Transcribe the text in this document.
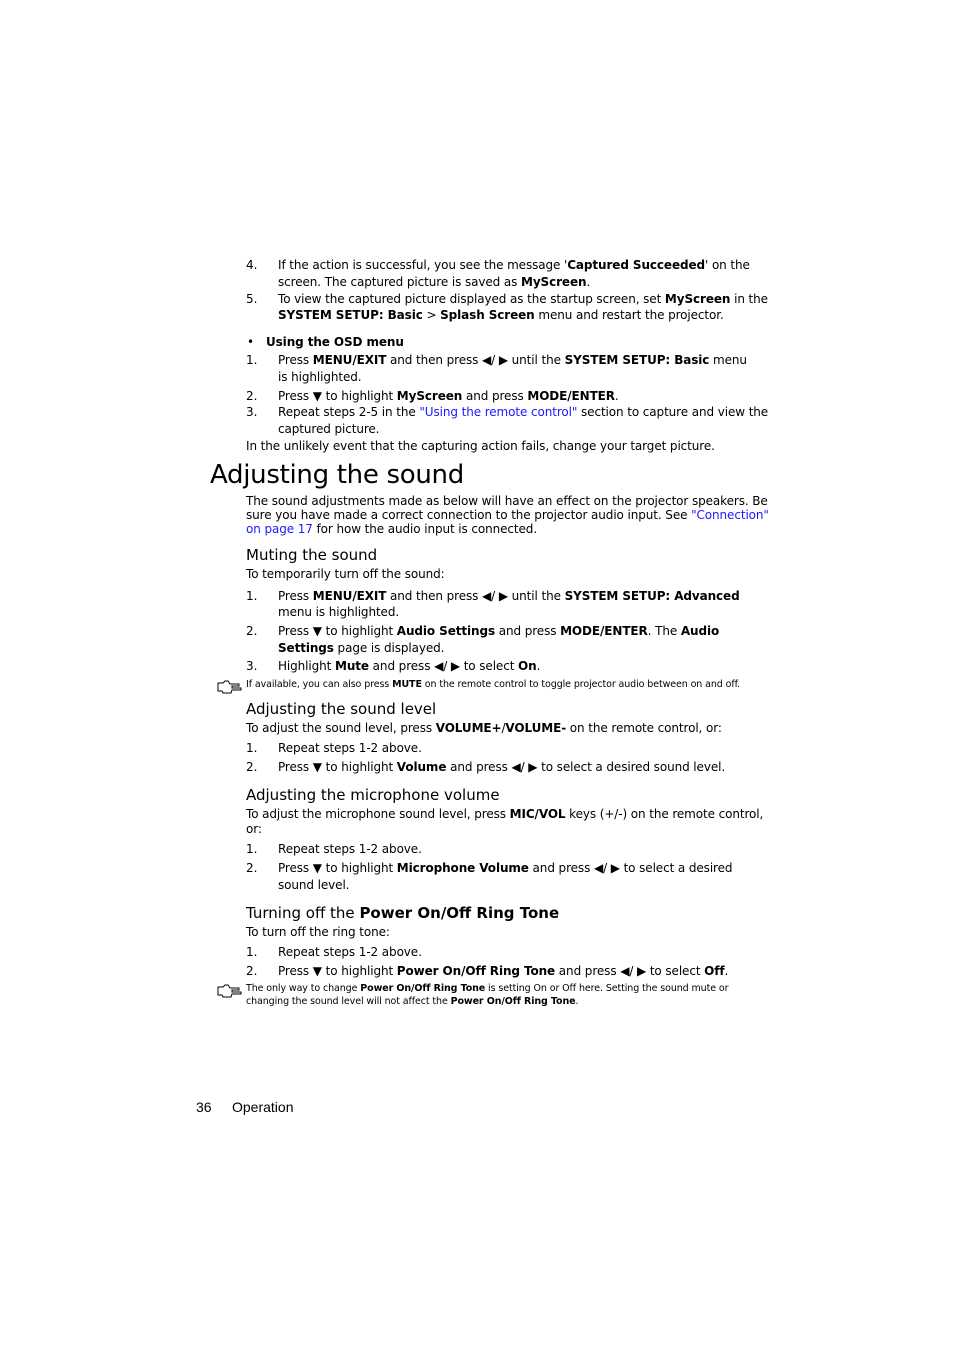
4. If the action is successful, you see the message 'Captured Succeeded' on the
screen. The captured picture is saved as MyScreen.
5. To view the captured picture displayed as the startup screen, set MyScreen in the
SYSTEM SETUP: Basic > Splash Screen menu and restart the projector.
• Using the OSD menu
1. Press MENU/EXIT and then press ◀/ ▶ until the SYSTEM SETUP: Basic menu
is highlighted.
2. Press ▼ to highlight MyScreen and press MODE/ENTER.
3. Repeat steps 2-5 in the "Using the remote control" section to capture and view the
captured picture.
In the unlikely event that the capturing action fails, change your target picture.
Adjusting the sound
The sound adjustments made as below will have an effect on the projector speakers. Be
sure you have made a correct connection to the projector audio input. See "Connection"
on page 17 for how the audio input is connected.
Muting the sound
To temporarily turn off the sound:
1. Press MENU/EXIT and then press ◀/ ▶ until the SYSTEM SETUP: Advanced
menu is highlighted.
2. Press ▼ to highlight Audio Settings and press MODE/ENTER. The Audio
Settings page is displayed.
3. Highlight Mute and press ◀/ ▶ to select On.
If available, you can also press MUTE on the remote control to toggle projector audio between on and off.
Adjusting the sound level
To adjust the sound level, press VOLUME+/VOLUME- on the remote control, or:
1. Repeat steps 1-2 above.
2. Press ▼ to highlight Volume and press ◀/ ▶ to select a desired sound level.
Adjusting the microphone volume
To adjust the microphone sound level, press MIC/VOL keys (+/-) on the remote control,
or:
1. Repeat steps 1-2 above.
2. Press ▼ to highlight Microphone Volume and press ◀/ ▶ to select a desired
sound level.
Turning off the Power On/Off Ring Tone
To turn off the ring tone:
1. Repeat steps 1-2 above.
2. Press ▼ to highlight Power On/Off Ring Tone and press ◀/ ▶ to select Off.
The only way to change Power On/Off Ring Tone is setting On or Off here. Setting the sound mute or
changing the sound level will not affect the Power On/Off Ring Tone.
36 Operation
